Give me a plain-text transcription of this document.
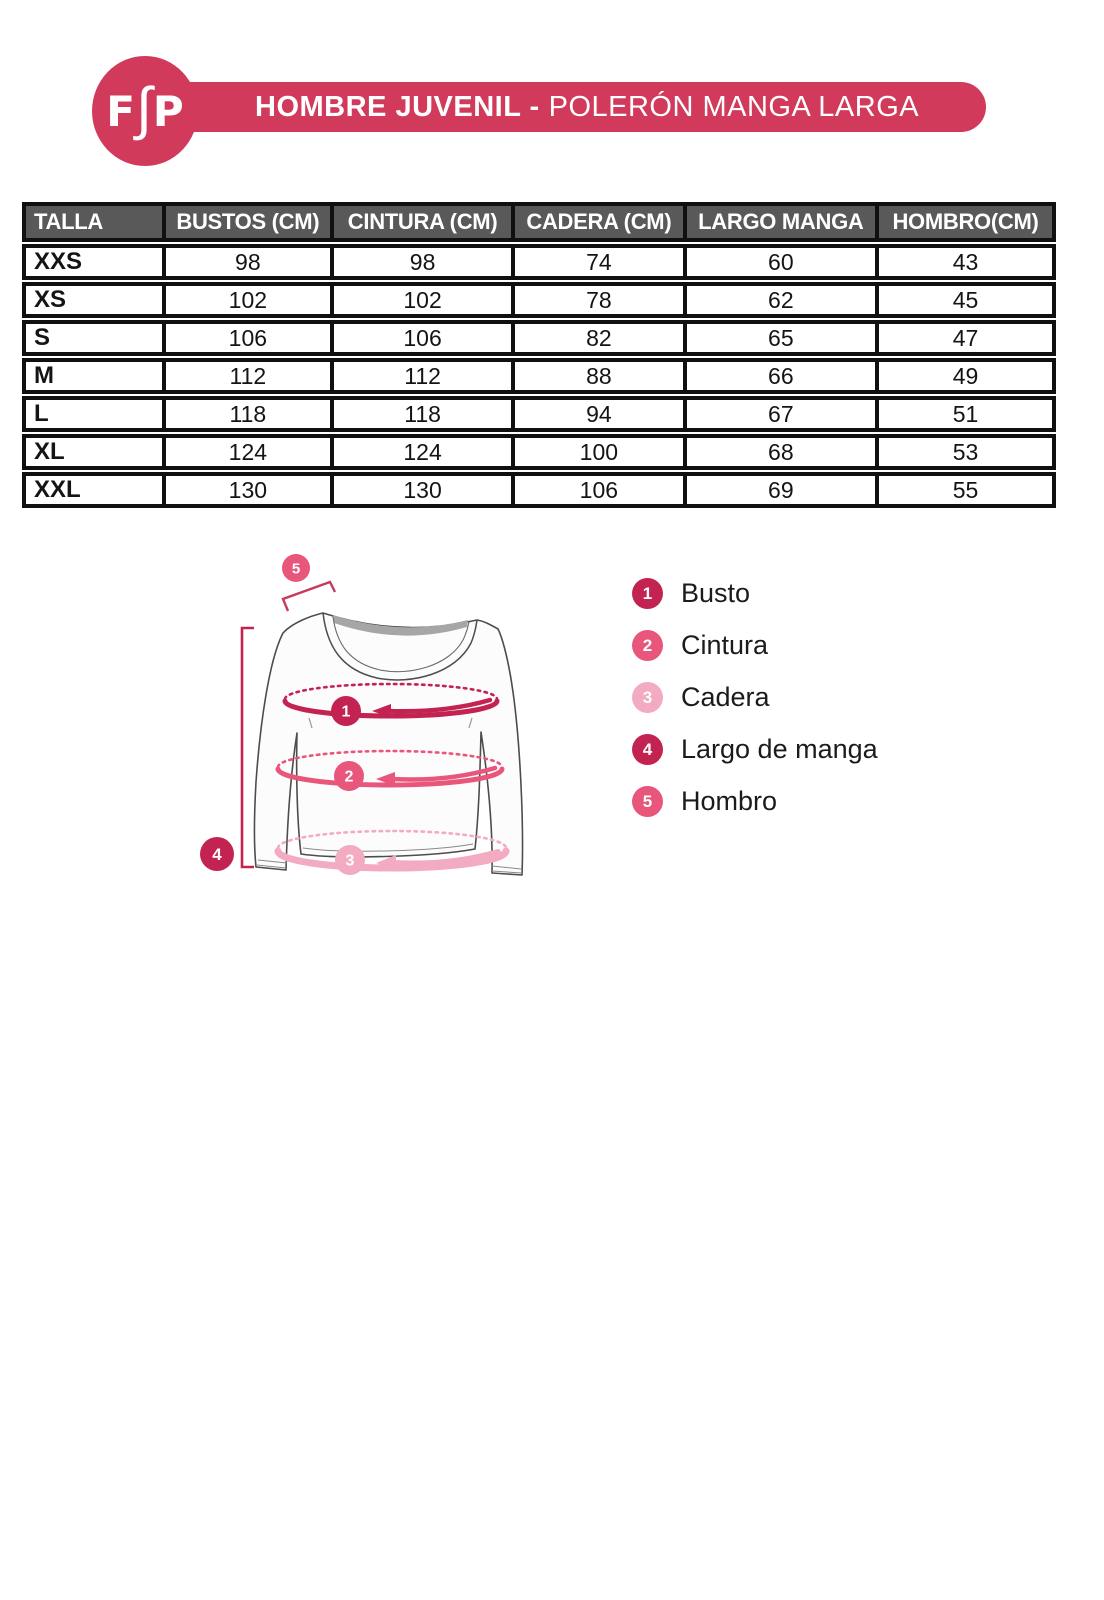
HOMBRE JUVENIL - POLERÓN MANGA LARGA
F ∫ P
TALLA	BUSTOS (CM)	CINTURA (CM)	CADERA (CM)	LARGO MANGA	HOMBRO(CM)
XXS	98	98	74	60	43
XS	102	102	78	62	45
S	106	106	82	65	47
M	112	112	88	66	49
L	118	118	94	67	51
XL	124	124	100	68	53
XXL	130	130	106	69	55
1
2
3
4
5
1	Busto
2	Cintura
3	Cadera
4	Largo de manga
5	Hombro
